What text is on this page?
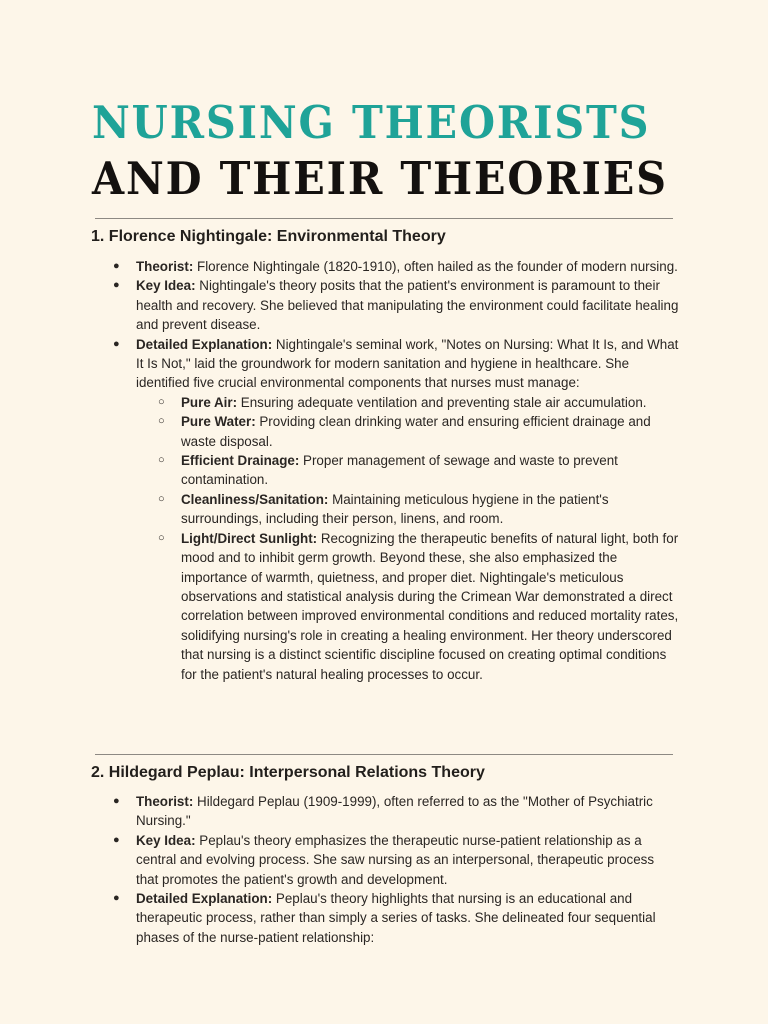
NURSING THEORISTS
AND THEIR THEORIES
1. Florence Nightingale: Environmental Theory
● Theorist: Florence Nightingale (1820-1910), often hailed as the founder of modern nursing.
● Key Idea: Nightingale's theory posits that the patient's environment is paramount to their health and recovery. She believed that manipulating the environment could facilitate healing and prevent disease.
● Detailed Explanation: Nightingale's seminal work, "Notes on Nursing: What It Is, and What It Is Not," laid the groundwork for modern sanitation and hygiene in healthcare. She identified five crucial environmental components that nurses must manage:
○ Pure Air: Ensuring adequate ventilation and preventing stale air accumulation.
○ Pure Water: Providing clean drinking water and ensuring efficient drainage and waste disposal.
○ Efficient Drainage: Proper management of sewage and waste to prevent contamination.
○ Cleanliness/Sanitation: Maintaining meticulous hygiene in the patient's surroundings, including their person, linens, and room.
○ Light/Direct Sunlight: Recognizing the therapeutic benefits of natural light, both for mood and to inhibit germ growth. Beyond these, she also emphasized the importance of warmth, quietness, and proper diet. Nightingale's meticulous observations and statistical analysis during the Crimean War demonstrated a direct correlation between improved environmental conditions and reduced mortality rates, solidifying nursing's role in creating a healing environment. Her theory underscored that nursing is a distinct scientific discipline focused on creating optimal conditions for the patient's natural healing processes to occur.
2. Hildegard Peplau: Interpersonal Relations Theory
● Theorist: Hildegard Peplau (1909-1999), often referred to as the "Mother of Psychiatric Nursing."
● Key Idea: Peplau's theory emphasizes the therapeutic nurse-patient relationship as a central and evolving process. She saw nursing as an interpersonal, therapeutic process that promotes the patient's growth and development.
● Detailed Explanation: Peplau's theory highlights that nursing is an educational and therapeutic process, rather than simply a series of tasks. She delineated four sequential phases of the nurse-patient relationship:
